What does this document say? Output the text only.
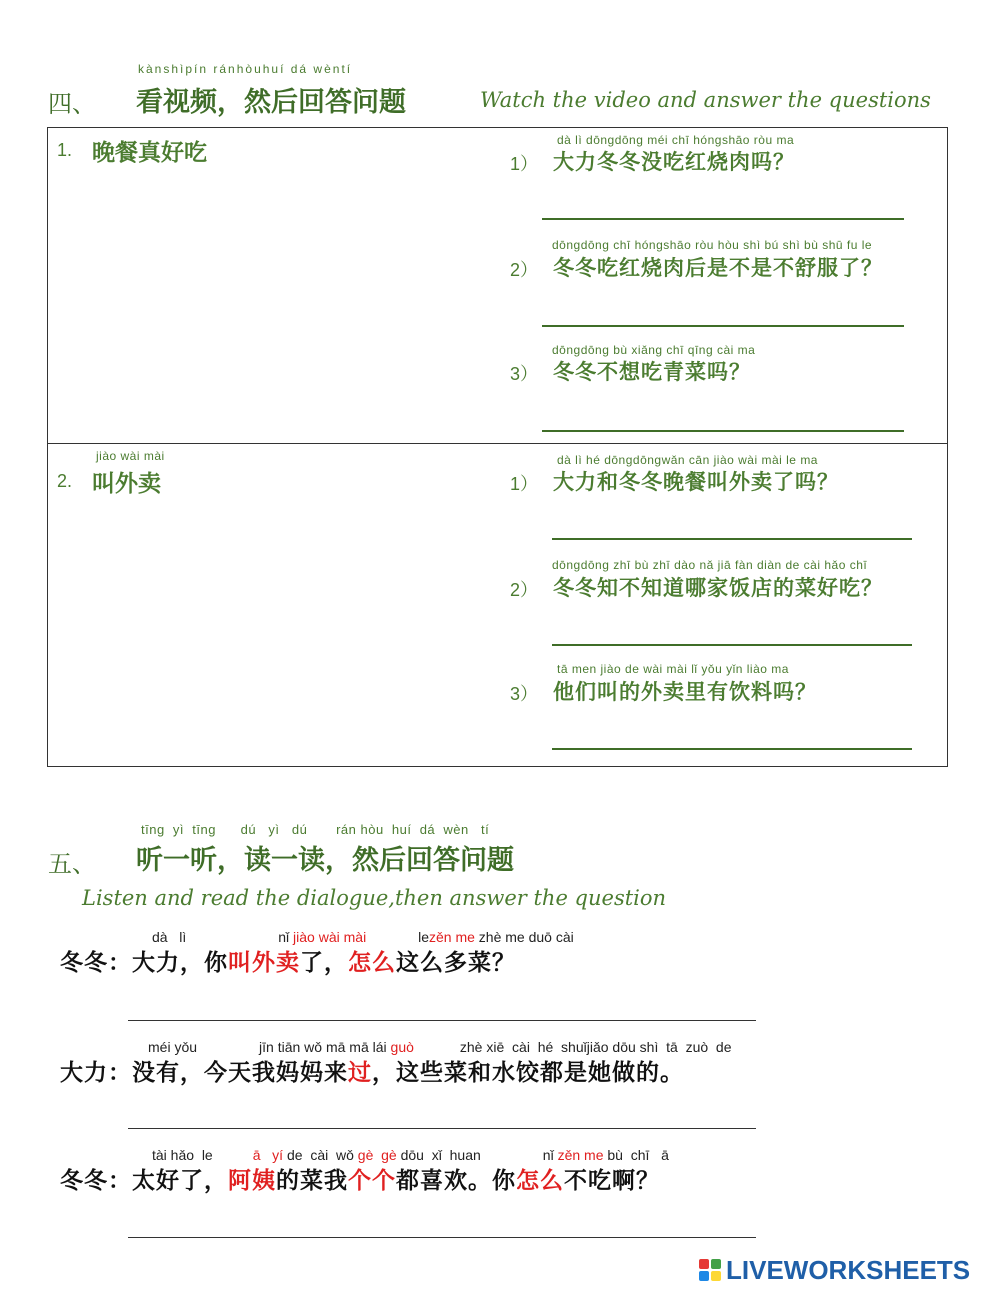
kànshìpín ránhòuhuí dá wèntí
四、 看视频，然后回答问题	Watch the video and answer the questions
1. 晚餐真好吃	dà lì dōngdōng méi chī hóngshāo ròu ma
1） 大力冬冬没吃红烧肉吗？
dōngdōng chī hóngshāo ròu hòu shì bú shì bù shū fu le
2） 冬冬吃红烧肉后是不是不舒服了？
dōngdōng bù xiǎng chī qīng cài ma
3） 冬冬不想吃青菜吗？
jiào wài mài
2. 叫外卖
dà lì hé dōngdōngwǎn cān jiào wài mài le ma
1） 大力和冬冬晚餐叫外卖了吗？
dōngdōng zhī bù zhī dào nǎ jiā fàn diàn de cài hǎo chī
2） 冬冬知不知道哪家饭店的菜好吃？
tā men jiào de wài mài lǐ yǒu yǐn liào ma
3） 他们叫的外卖里有饮料吗？
tīng  yì  tīng      dú   yì   dú       rán hòu  huí  dá  wèn   tí
五、 听一听，读一读，然后回答问题
Listen and read the dialogue,then answer the question
dà   lì	nǐ jiào wài mài	lezěn me zhè me duō cài
冬冬：大力，你叫外卖了，怎么这么多菜？
méi yǒu	jīn tiān wǒ mā mā lái guò	zhè xiē  cài  hé  shuǐjiǎo dōu shì  tā  zuò  de
大力：没有，今天我妈妈来过，这些菜和水饺都是她做的。
tài hǎo  le	ā   yí de  cài  wǒ gè  gè dōu  xǐ  huan	nǐ zěn me bù  chī   ā
冬冬：太好了，阿姨的菜我个个都喜欢。你怎么不吃啊？
LIVEWORKSHEETS
